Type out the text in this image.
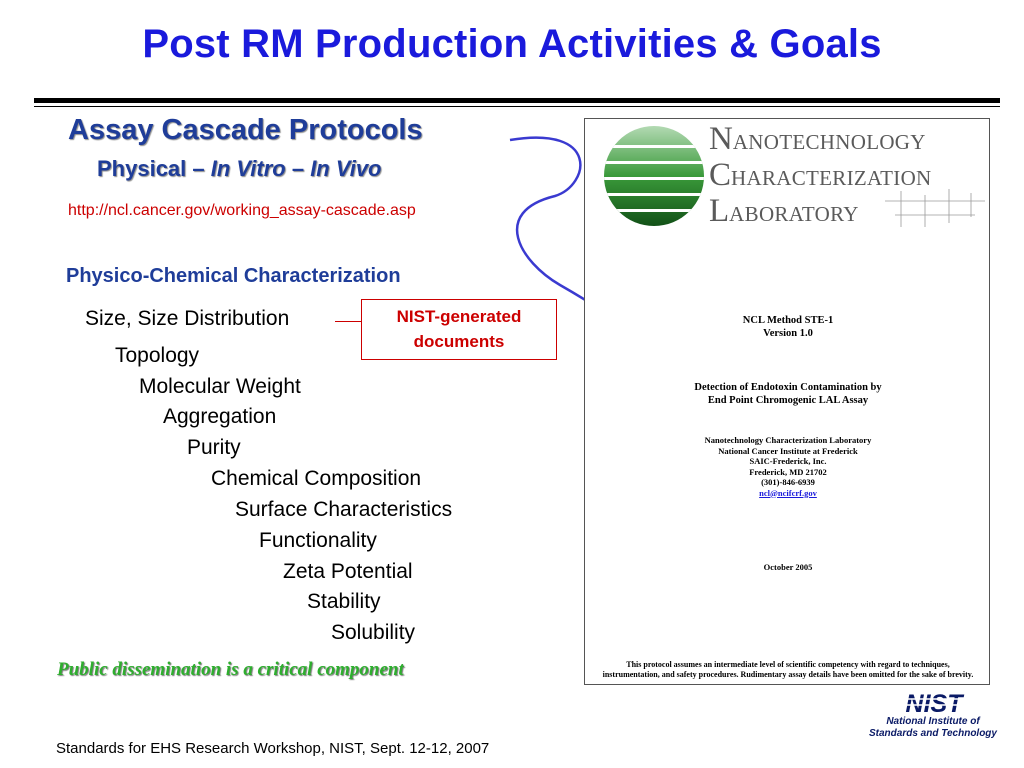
Post RM Production Activities & Goals
Assay Cascade Protocols
Physical – In Vitro – In Vivo
http://ncl.cancer.gov/working_assay-cascade.asp
Physico-Chemical Characterization
Size, Size Distribution
Topology
Molecular Weight
Aggregation
Purity
Chemical Composition
Surface Characteristics
Functionality
Zeta Potential
Stability
Solubility
NIST-generated
documents
Public dissemination is a critical component
Standards for EHS Research Workshop, NIST, Sept. 12-12, 2007
NANOTECHNOLOGY
CHARACTERIZATION
LABORATORY
NCL Method STE-1
Version 1.0
Detection of Endotoxin Contamination by
End Point Chromogenic LAL Assay
Nanotechnology Characterization Laboratory
National Cancer Institute at Frederick
SAIC-Frederick, Inc.
Frederick, MD 21702
(301)-846-6939
ncl@ncifcrf.gov
October 2005
This protocol assumes an intermediate level of scientific competency with regard to techniques,
instrumentation, and safety procedures. Rudimentary assay details have been omitted for the sake of brevity.
NIST
National Institute of
Standards and Technology
